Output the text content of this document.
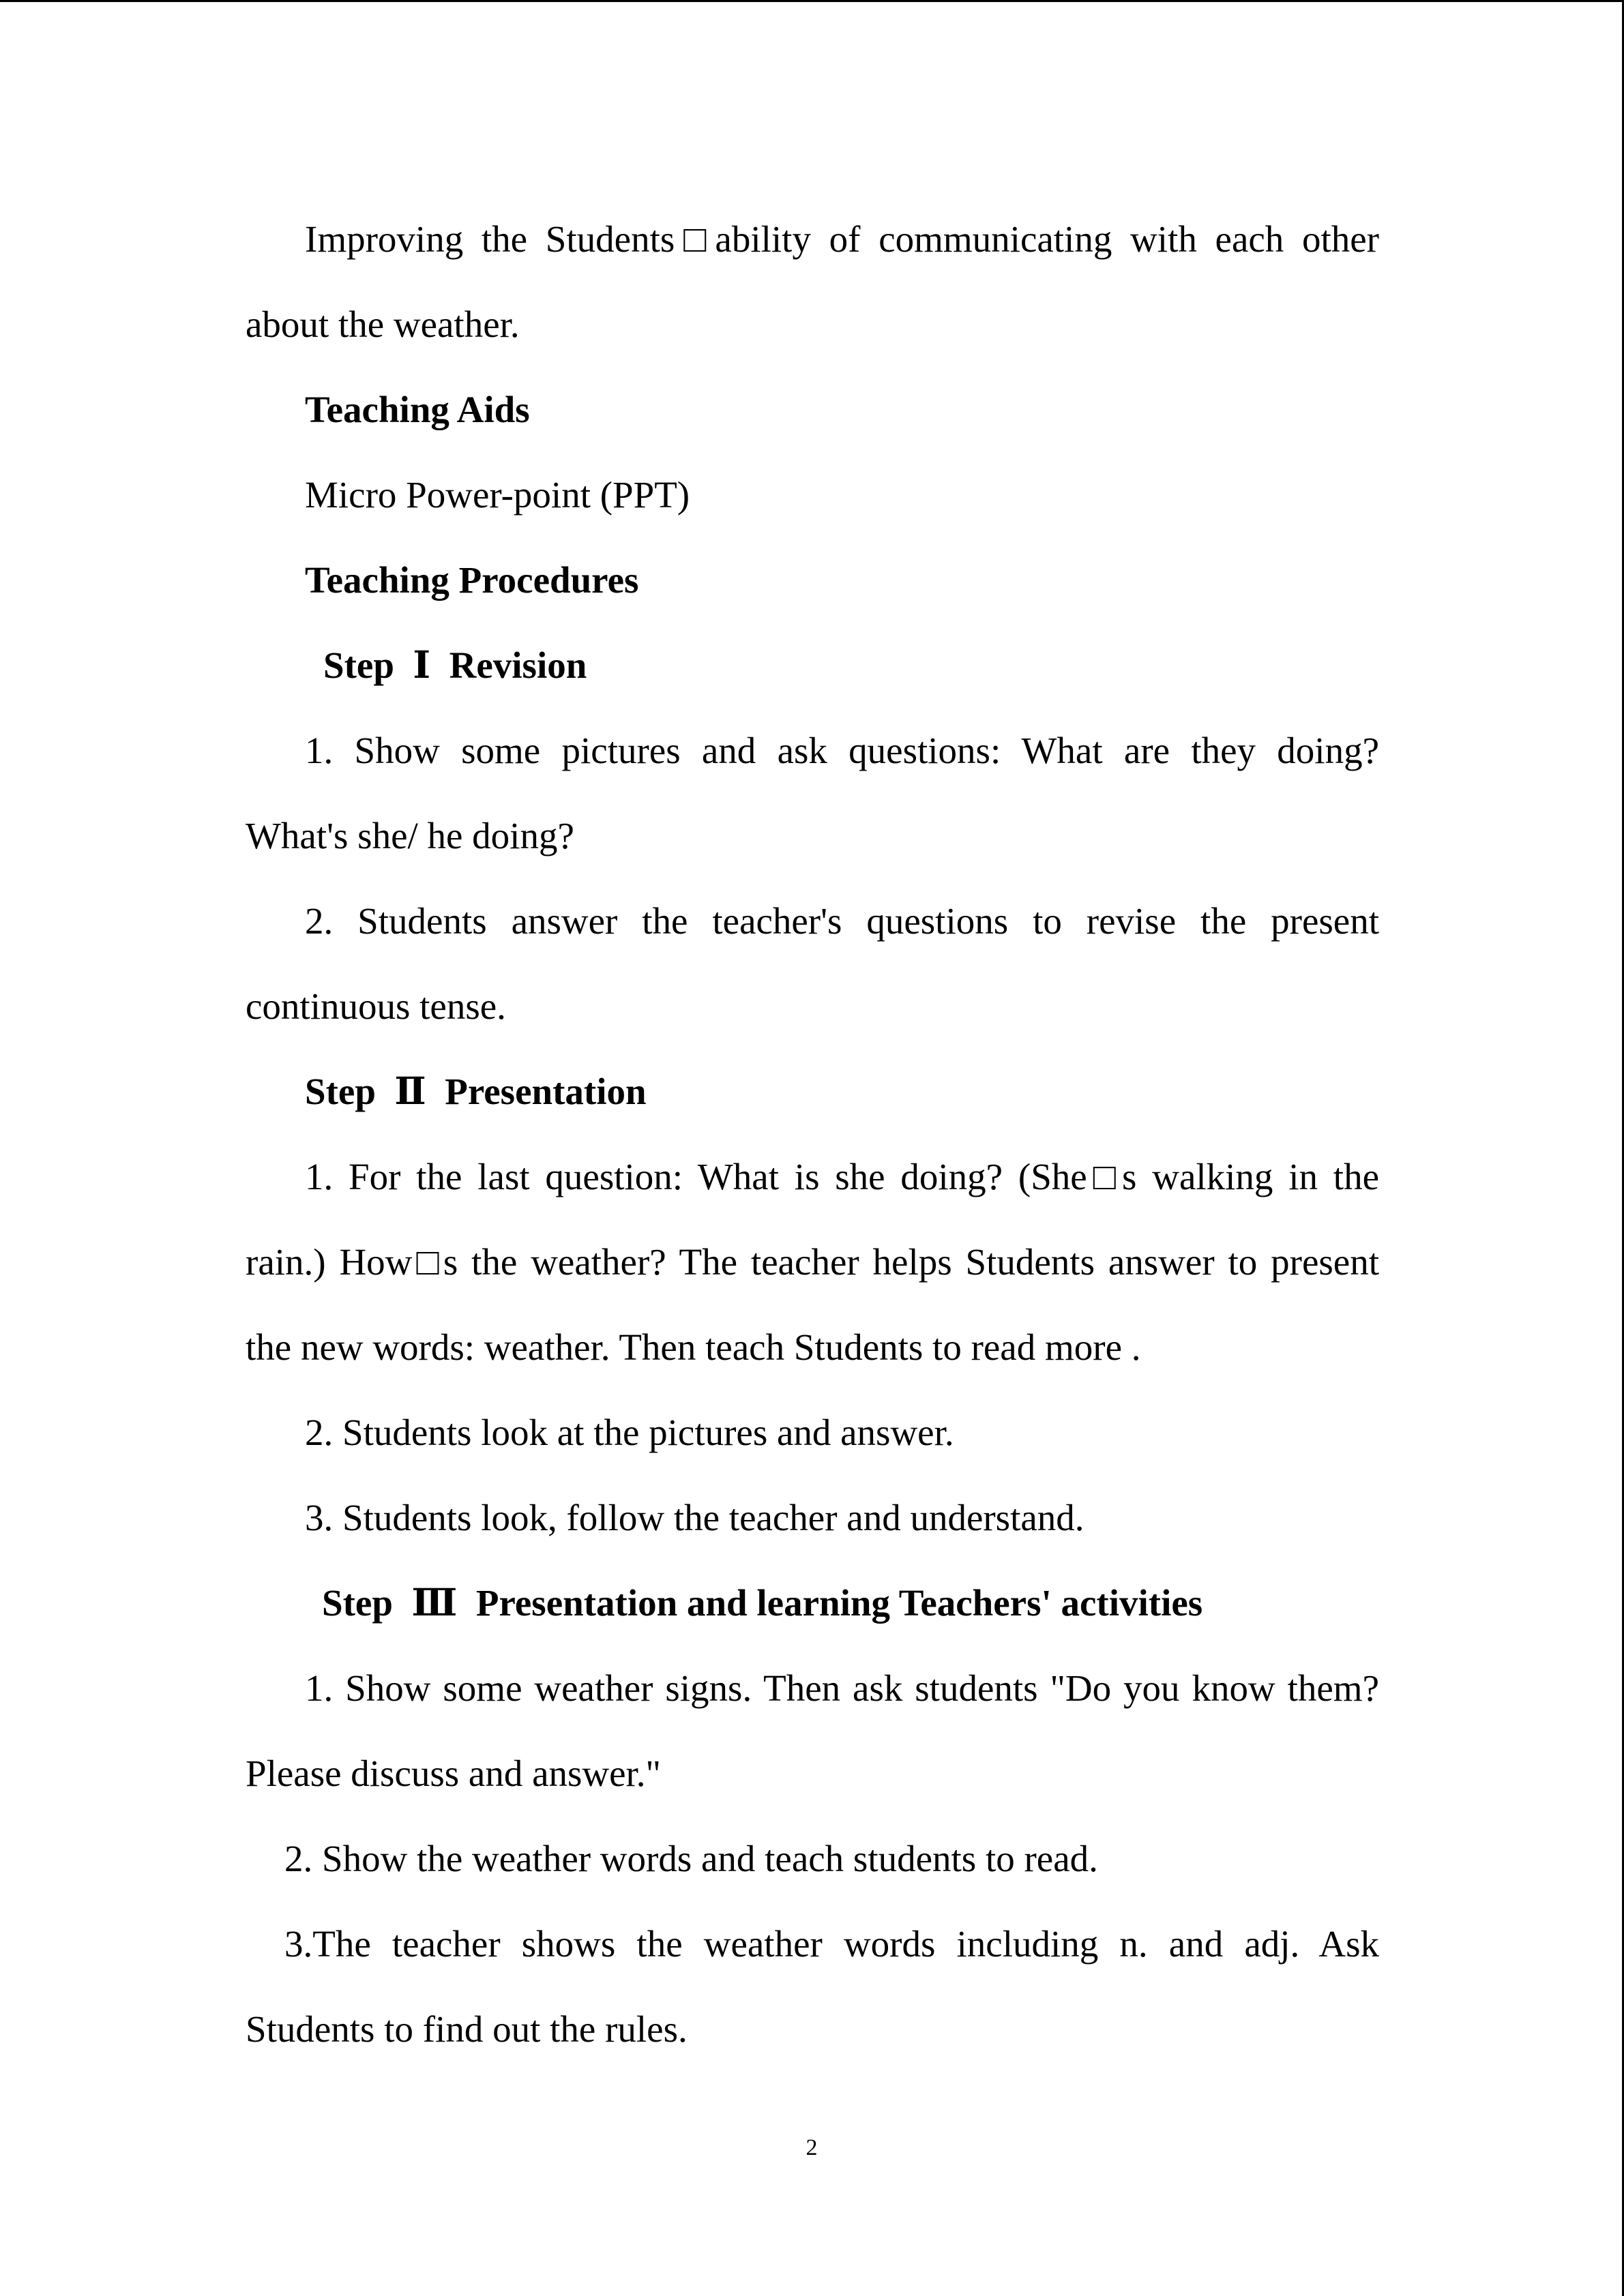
Improving the Students□ability of communicating with each other
about the weather.
Teaching Aids
Micro Power-point (PPT)
Teaching Procedures
Step  Ⅰ  Revision
1. Show some pictures and ask questions: What are they doing?
What's she/ he doing?
2. Students answer the teacher's questions to revise the present
continuous tense.
Step  Ⅱ  Presentation
1. For the last question: What is she doing? (She□s walking in the
rain.) How□s the weather? The teacher helps Students answer to present
the new words: weather. Then teach Students to read more .
2. Students look at the pictures and answer.
3. Students look, follow the teacher and understand.
Step  Ⅲ  Presentation and learning Teachers' activities
1. Show some weather signs. Then ask students "Do you know them?
Please discuss and answer."
2. Show the weather words and teach students to read.
3.The teacher shows the weather words including n. and adj. Ask
Students to find out the rules.
2
